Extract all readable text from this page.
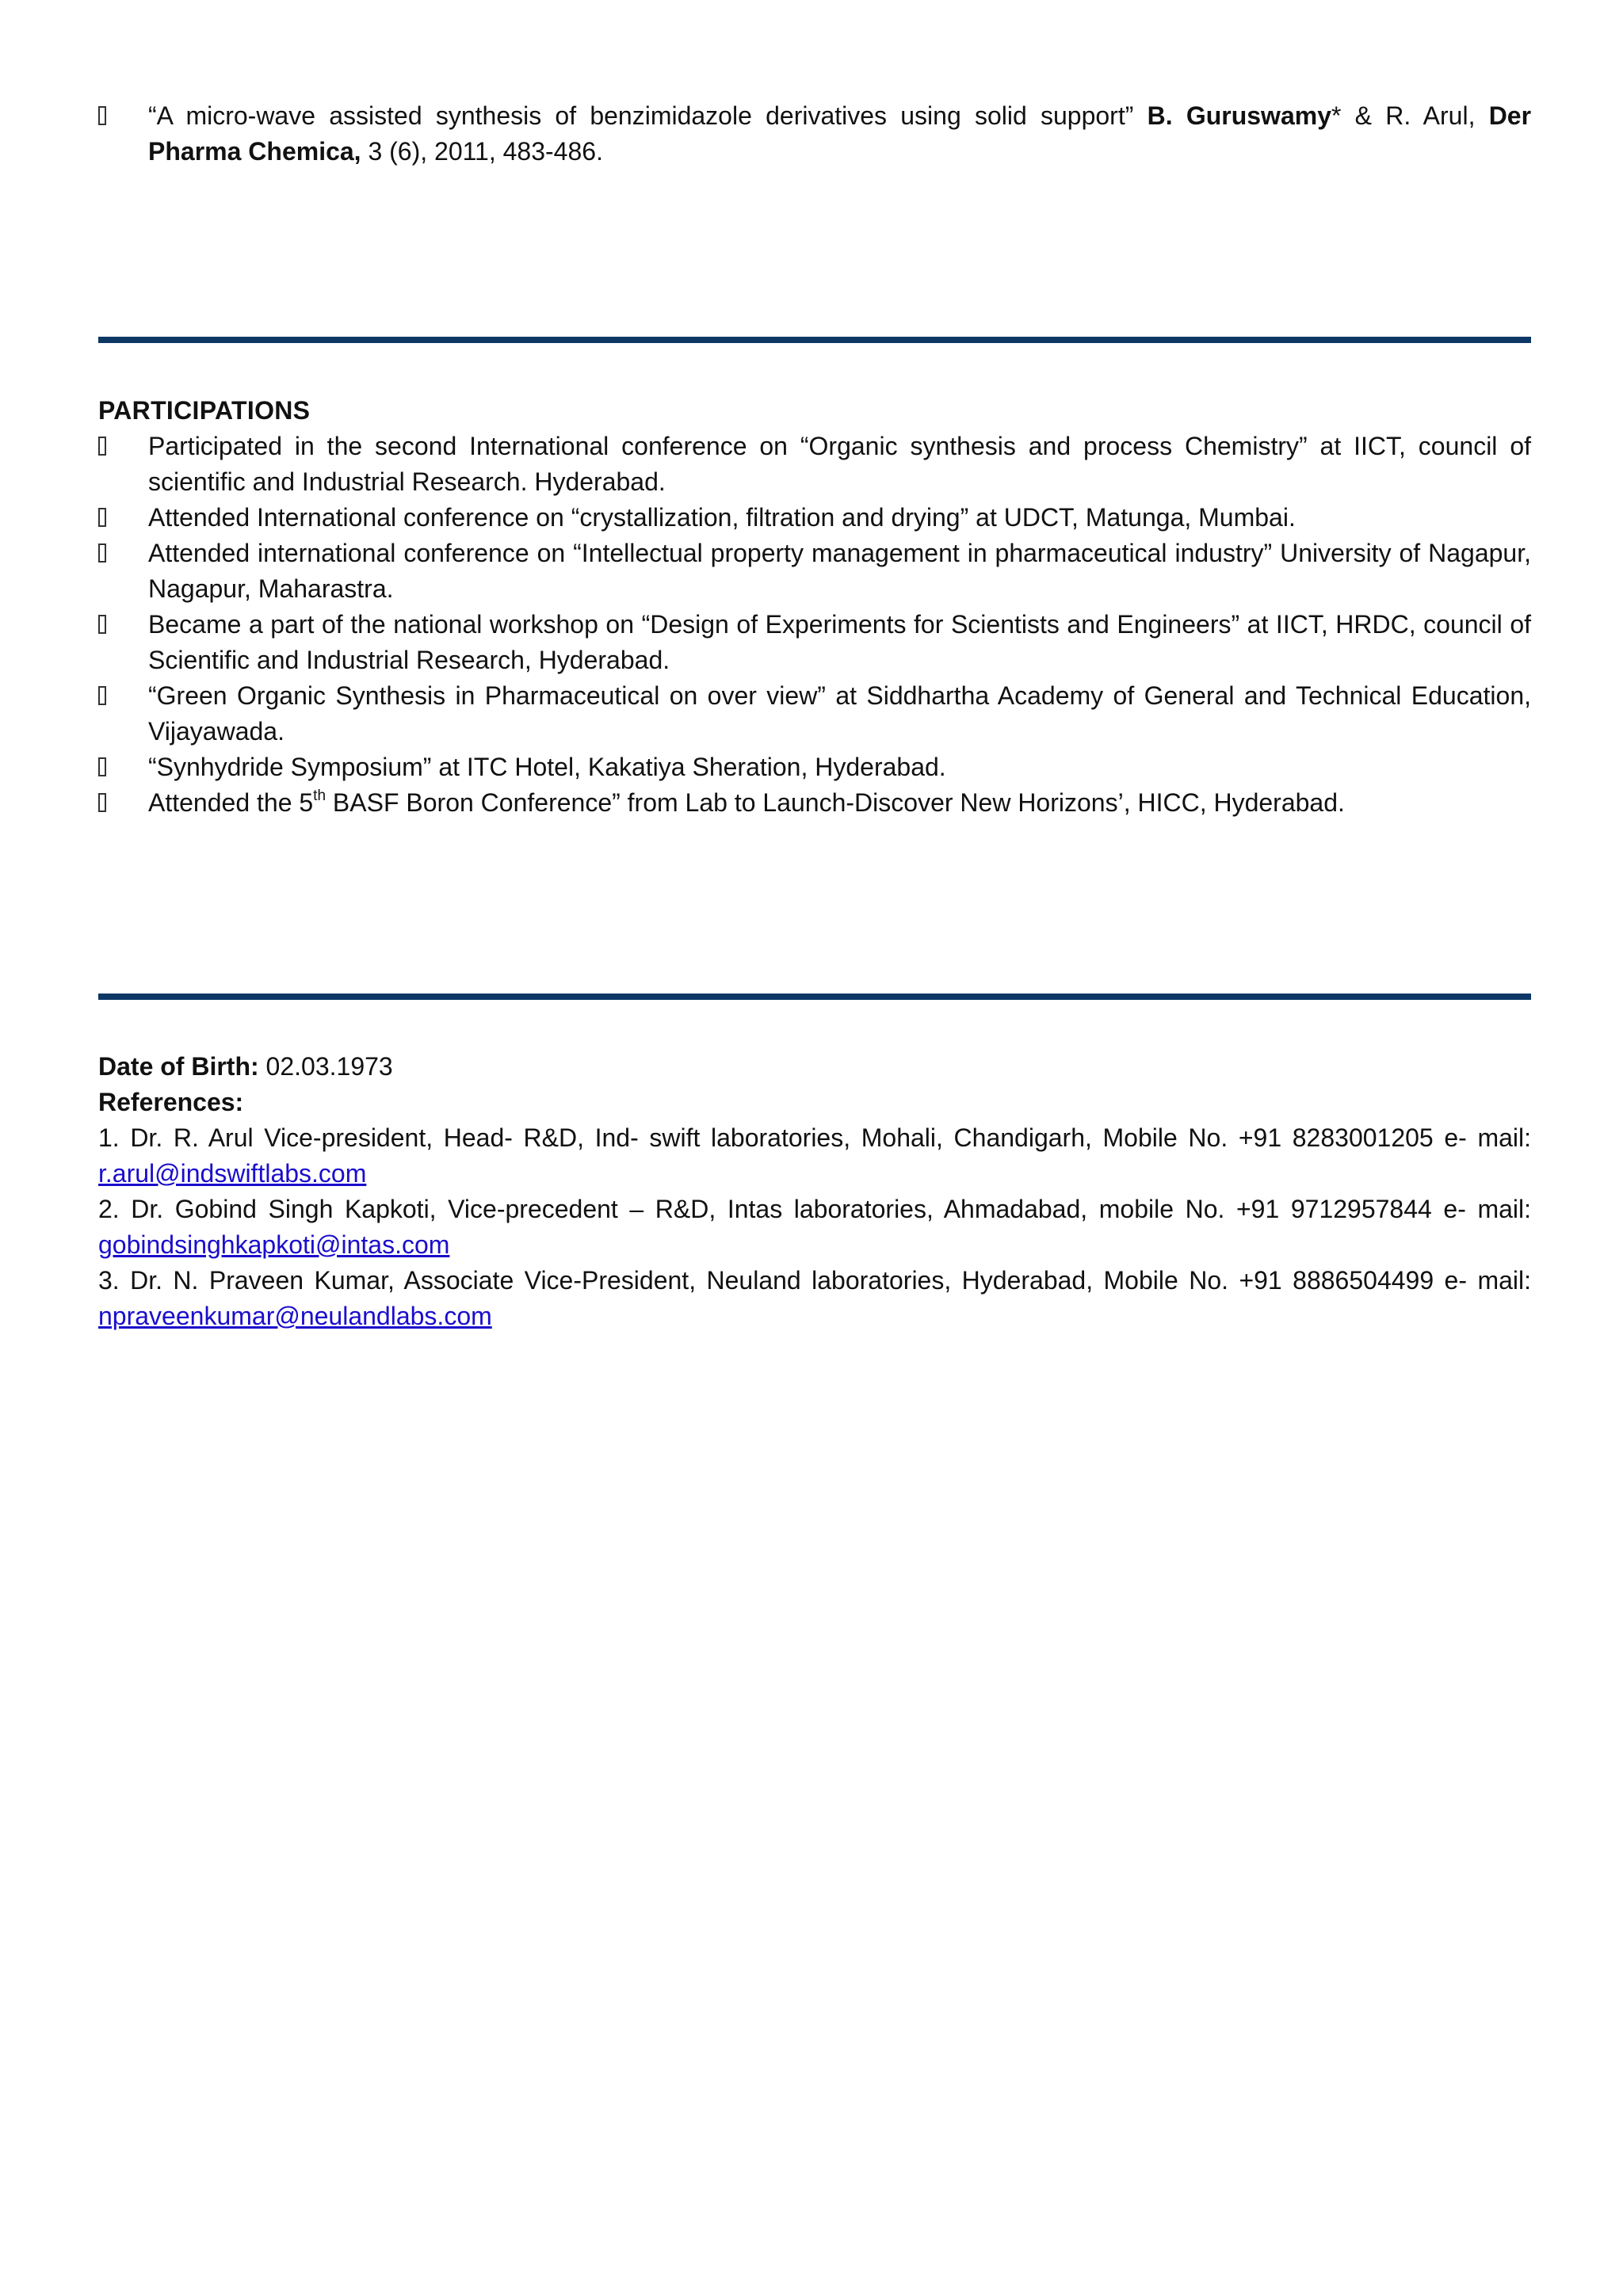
“A micro-wave assisted synthesis of benzimidazole derivatives using solid support” B. Guruswamy* & R. Arul, Der Pharma Chemica, 3 (6), 2011, 483-486.
PARTICIPATIONS
Participated in the second International conference on “Organic synthesis and process Chemistry” at IICT, council of scientific and Industrial Research. Hyderabad.
Attended International conference on “crystallization, filtration and drying” at UDCT, Matunga, Mumbai.
Attended international conference on “Intellectual property management in pharmaceutical industry” University of Nagapur, Nagapur, Maharastra.
Became a part of the national workshop on “Design of Experiments for Scientists and Engineers” at IICT, HRDC, council of Scientific and Industrial Research, Hyderabad.
“Green Organic Synthesis in Pharmaceutical on over view” at Siddhartha Academy of General and Technical Education, Vijayawada.
“Synhydride Symposium” at ITC Hotel, Kakatiya Sheration, Hyderabad.
Attended the 5th BASF Boron Conference” from Lab to Launch-Discover New Horizons’, HICC, Hyderabad.

Date of Birth: 02.03.1973

References:

1. Dr. R. Arul Vice-president, Head- R&D, Ind- swift laboratories, Mohali, Chandigarh, Mobile No. +91 8283001205 e- mail: r.arul@indswiftlabs.com

2. Dr. Gobind Singh Kapkoti, Vice-precedent – R&D, Intas laboratories, Ahmadabad, mobile No. +91 9712957844 e- mail: gobindsinghkapkoti@intas.com

3. Dr. N. Praveen Kumar, Associate Vice-President, Neuland laboratories, Hyderabad, Mobile No. +91 8886504499 e- mail: npraveenkumar@neulandlabs.com
